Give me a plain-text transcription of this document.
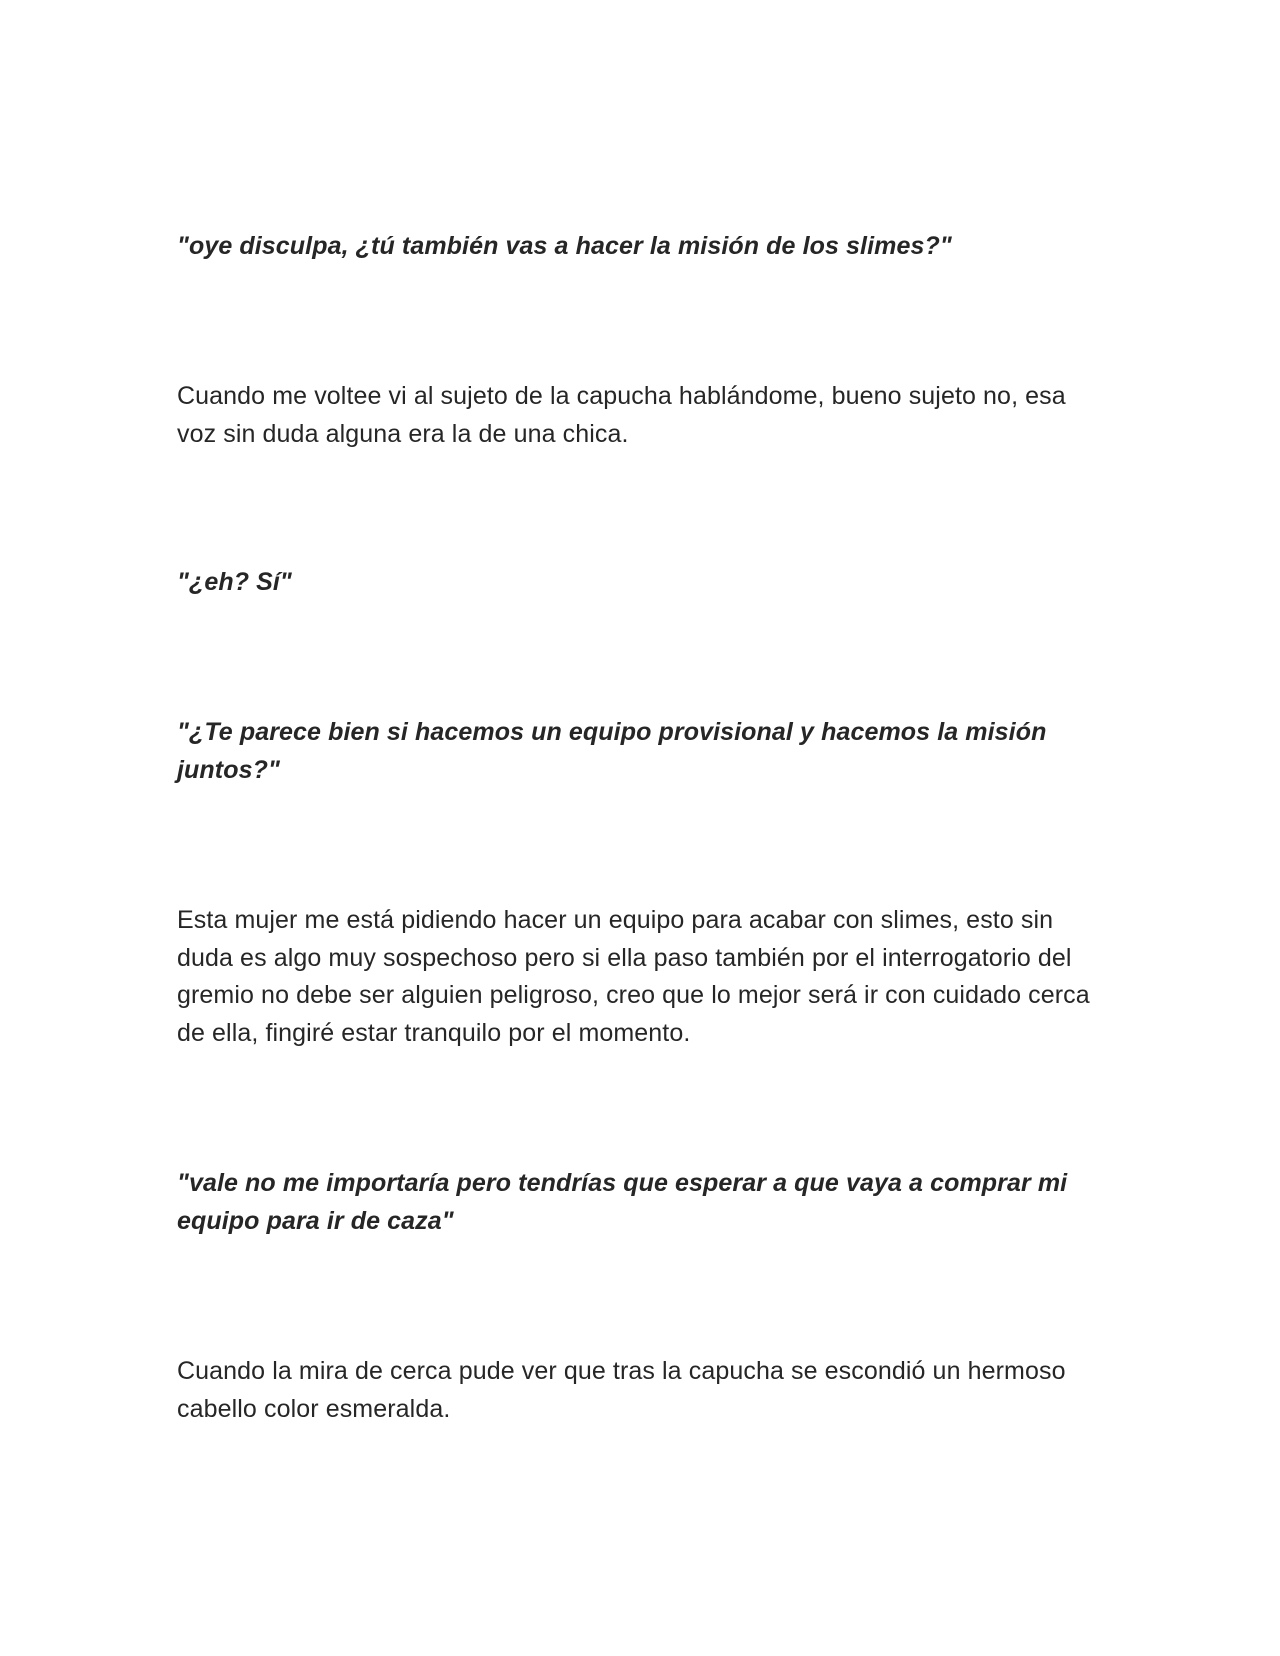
"oye disculpa, ¿tú también vas a hacer la misión de los slimes?"

Cuando me voltee vi al sujeto de la capucha hablándome, bueno sujeto no, esa voz sin duda alguna era la de una chica.

"¿eh? Sí"

"¿Te parece bien si hacemos un equipo provisional y hacemos la misión juntos?"

Esta mujer me está pidiendo hacer un equipo para acabar con slimes, esto sin duda es algo muy sospechoso pero si ella paso también por el interrogatorio del gremio no debe ser alguien peligroso, creo que lo mejor será ir con cuidado cerca de ella, fingiré estar tranquilo por el momento.

"vale no me importaría pero tendrías que esperar a que vaya a comprar mi equipo para ir de caza"

Cuando la mira de cerca pude ver que tras la capucha se escondió un hermoso cabello color esmeralda.
